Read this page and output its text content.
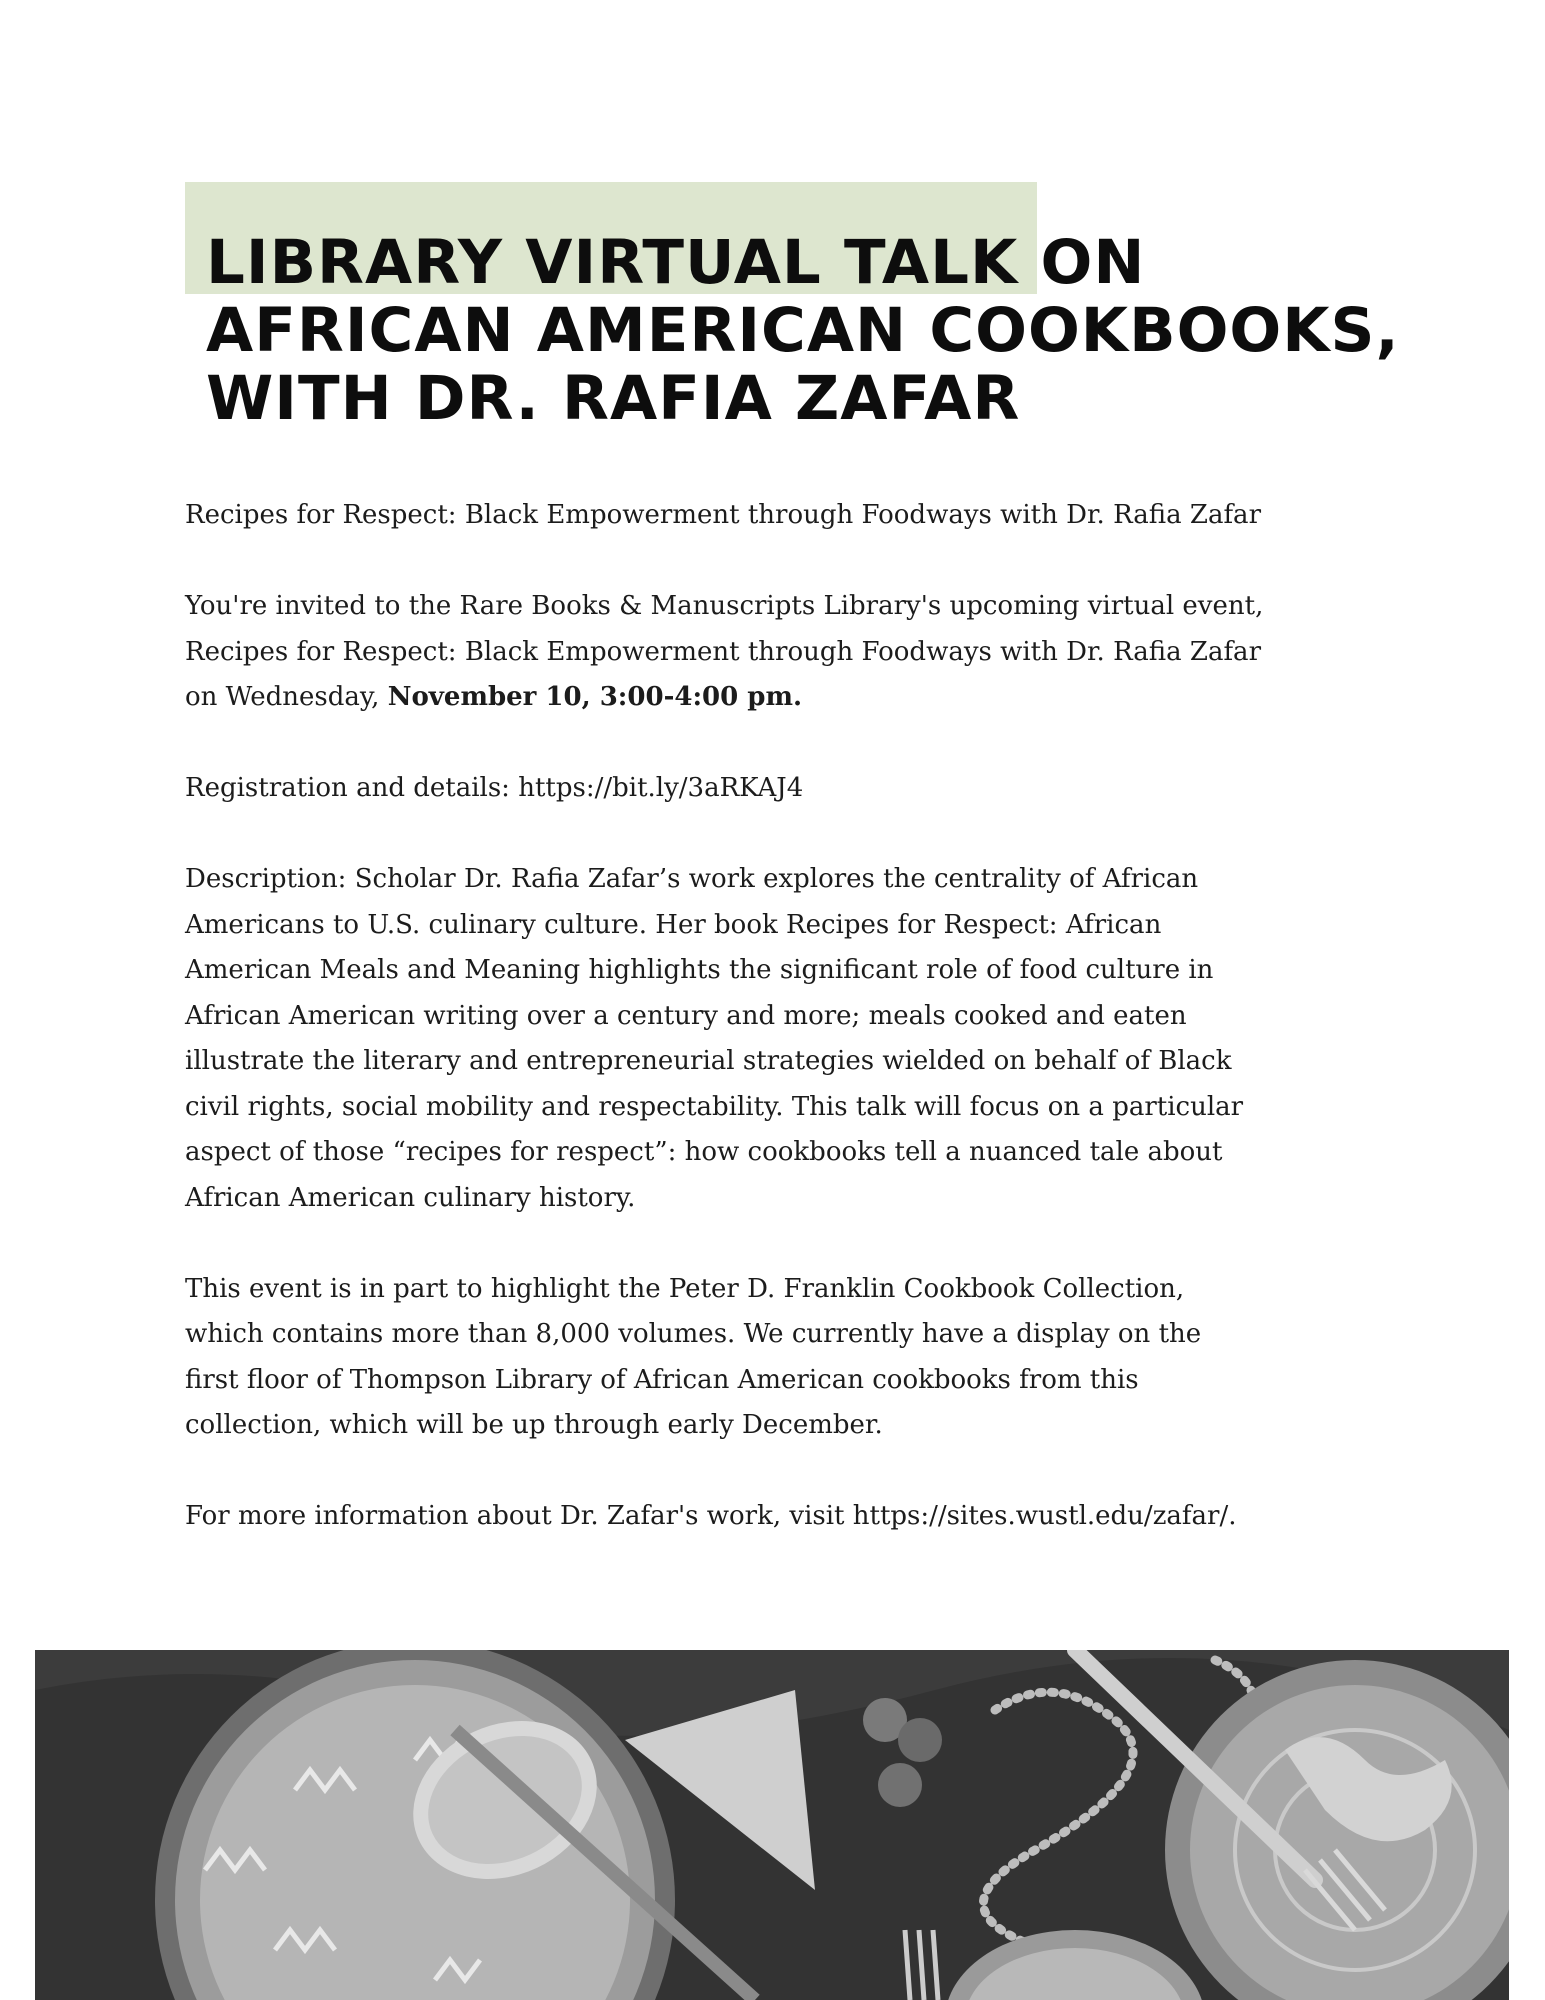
LIBRARY VIRTUAL TALK ON
AFRICAN AMERICAN COOKBOOKS,
WITH DR. RAFIA ZAFAR

Recipes for Respect: Black Empowerment through Foodways with Dr. Rafia Zafar

You're invited to the Rare Books & Manuscripts Library's upcoming virtual event,
Recipes for Respect: Black Empowerment through Foodways with Dr. Rafia Zafar
on Wednesday, November 10, 3:00-4:00 pm.

Registration and details: https://bit.ly/3aRKAJ4

Description: Scholar Dr. Rafia Zafar’s work explores the centrality of African
Americans to U.S. culinary culture. Her book Recipes for Respect: African
American Meals and Meaning highlights the significant role of food culture in
African American writing over a century and more; meals cooked and eaten
illustrate the literary and entrepreneurial strategies wielded on behalf of Black
civil rights, social mobility and respectability. This talk will focus on a particular
aspect of those “recipes for respect”: how cookbooks tell a nuanced tale about
African American culinary history.

This event is in part to highlight the Peter D. Franklin Cookbook Collection,
which contains more than 8,000 volumes. We currently have a display on the
first floor of Thompson Library of African American cookbooks from this
collection, which will be up through early December.

For more information about Dr. Zafar's work, visit https://sites.wustl.edu/zafar/.
